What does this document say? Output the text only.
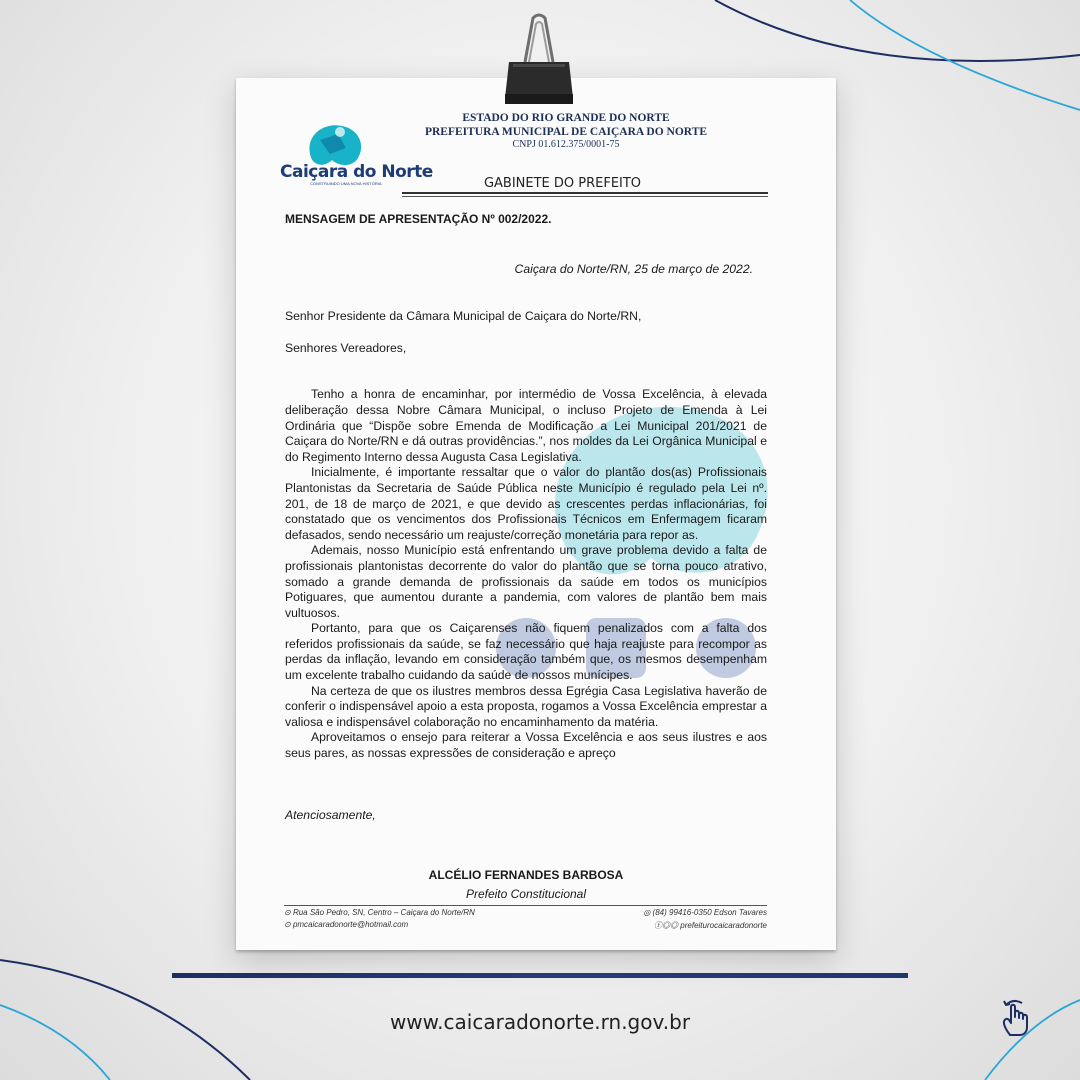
Caiçara do Norte
CONSTRUINDO UMA NOVA HISTÓRIA
ESTADO DO RIO GRANDE DO NORTE
PREFEITURA MUNICIPAL DE CAIÇARA DO NORTE
CNPJ 01.612.375/0001-75
GABINETE DO PREFEITO
MENSAGEM DE APRESENTAÇÃO Nº 002/2022.
Caiçara do Norte/RN, 25 de março de 2022.
Senhor Presidente da Câmara Municipal de Caiçara do Norte/RN,
Senhores Vereadores,

Tenho a honra de encaminhar, por intermédio de Vossa Excelência, à elevada deliberação dessa Nobre Câmara Municipal, o incluso Projeto de Emenda à Lei Ordinária que “Dispõe sobre Emenda de Modificação a Lei Municipal 201/2021 de Caiçara do Norte/RN e dá outras providências.”, nos moldes da Lei Orgânica Municipal e do Regimento Interno dessa Augusta Casa Legislativa.

Inicialmente, é importante ressaltar que o valor do plantão dos(as) Profissionais Plantonistas da Secretaria de Saúde Pública neste Município é regulado pela Lei nº. 201, de 18 de março de 2021, e que devido as crescentes perdas inflacionárias, foi constatado que os vencimentos dos Profissionais Técnicos em Enfermagem ficaram defasados, sendo necessário um reajuste/correção monetária para repor as.

Ademais, nosso Município está enfrentando um grave problema devido a falta de profissionais plantonistas decorrente do valor do plantão que se torna pouco atrativo, somado a grande demanda de profissionais da saúde em todos os municípios Potiguares, que aumentou durante a pandemia, com valores de plantão bem mais vultuosos.

Portanto, para que os Caiçarenses não fiquem penalizados com a falta dos referidos profissionais da saúde, se faz necessário que haja reajuste para recompor as perdas da inflação, levando em consideração também que, os mesmos desempenham um excelente trabalho cuidando da saúde de nossos munícipes.

Na certeza de que os ilustres membros dessa Egrégia Casa Legislativa haverão de conferir o indispensável apoio a esta proposta, rogamos a Vossa Excelência emprestar a valiosa e indispensável colaboração no encaminhamento da matéria.

Aproveitamos o ensejo para reiterar a Vossa Excelência e aos seus ilustres e aos seus pares, as nossas expressões de consideração e apreço

Atenciosamente,
ALCÉLIO FERNANDES BARBOSA
Prefeito Constitucional
⊙ Rua São Pedro, SN, Centro – Caiçara do Norte/RN
⊙ pmcaicaradonorte@hotmail.com
◎ (84) 99416-0350 Edson Tavares
ⓕ◎◎ prefeiturocaicaradonorte
www.caicaradonorte.rn.gov.br
